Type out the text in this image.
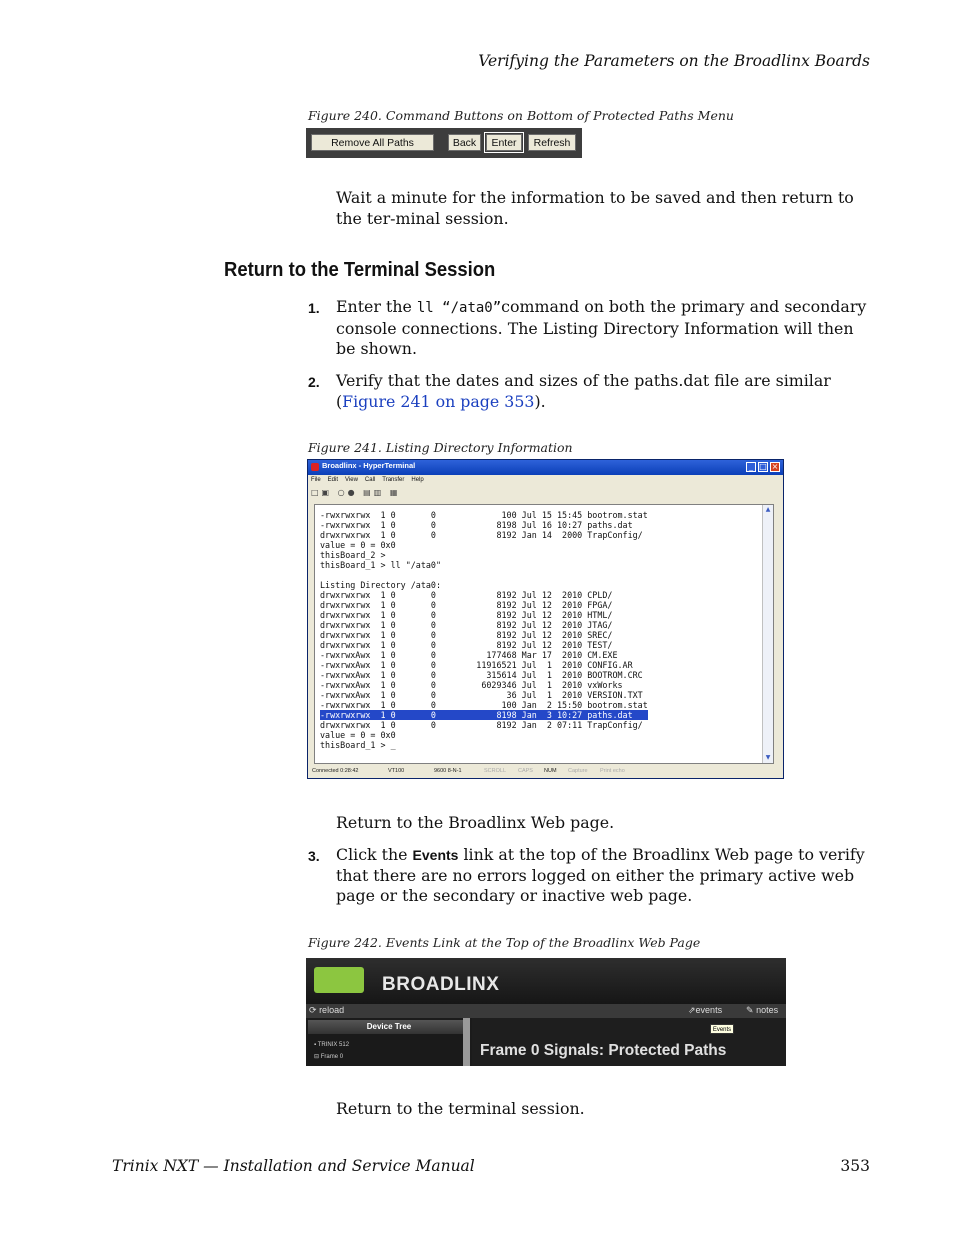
Verifying the Parameters on the Broadlinx Boards
Figure 240. Command Buttons on Bottom of Protected Paths Menu
Remove All Paths	Back	Enter	Refresh
Wait a minute for the information to be saved and then return to the ter-minal session.
Return to the Terminal Session
1. Enter the ll “/ata0”command on both the primary and secondary console connections. The Listing Directory Information will then be shown.
2. Verify that the dates and sizes of the paths.dat file are similar (Figure 241 on page 353).
Figure 241. Listing Directory Information
Broadlinx - HyperTerminal	_ □ ×
File Edit View Call Transfer Help
□▣ ○● ▤▥ ▦
-rwxrwxrwx  1 0       0             100 Jul 15 15:45 bootrom.stat
-rwxrwxrwx  1 0       0            8198 Jul 16 10:27 paths.dat
drwxrwxrwx  1 0       0            8192 Jan 14  2000 TrapConfig/
value = 0 = 0x0
thisBoard_2 >
thisBoard_1 > ll "/ata0"

Listing Directory /ata0:
drwxrwxrwx  1 0       0            8192 Jul 12  2010 CPLD/
drwxrwxrwx  1 0       0            8192 Jul 12  2010 FPGA/
drwxrwxrwx  1 0       0            8192 Jul 12  2010 HTML/
drwxrwxrwx  1 0       0            8192 Jul 12  2010 JTAG/
drwxrwxrwx  1 0       0            8192 Jul 12  2010 SREC/
drwxrwxrwx  1 0       0            8192 Jul 12  2010 TEST/
-rwxrwxAwx  1 0       0          177468 Mar 17  2010 CM.EXE
-rwxrwxAwx  1 0       0        11916521 Jul  1  2010 CONFIG.AR
-rwxrwxAwx  1 0       0          315614 Jul  1  2010 BOOTROM.CRC
-rwxrwxAwx  1 0       0         6029346 Jul  1  2010 vxWorks
-rwxrwxAwx  1 0       0              36 Jul  1  2010 VERSION.TXT
-rwxrwxrwx  1 0       0             100 Jan  2 15:50 bootrom.stat
-rwxrwxrwx  1 0       0            8198 Jan  3 10:27 paths.dat
drwxrwxrwx  1 0       0            8192 Jan  2 07:11 TrapConfig/
value = 0 = 0x0
thisBoard_1 > _
▲
▼
Connected 0:28:42	VT100	9600 8-N-1	SCROLL CAPS NUM Capture Print echo
Return to the Broadlinx Web page.
3. Click the Events link at the top of the Broadlinx Web page to verify that there are no errors logged on either the primary active web page or the secondary or inactive web page.
Figure 242. Events Link at the Top of the Broadlinx Web Page
BROADLINX
⟳ reload	⇗events	✎ notes
Device Tree
▪ TRINIX 512
⊟ Frame 0	Frame 0 Signals: Protected Paths
Events
Return to the terminal session.
Trinix NXT — Installation and Service Manual	353
